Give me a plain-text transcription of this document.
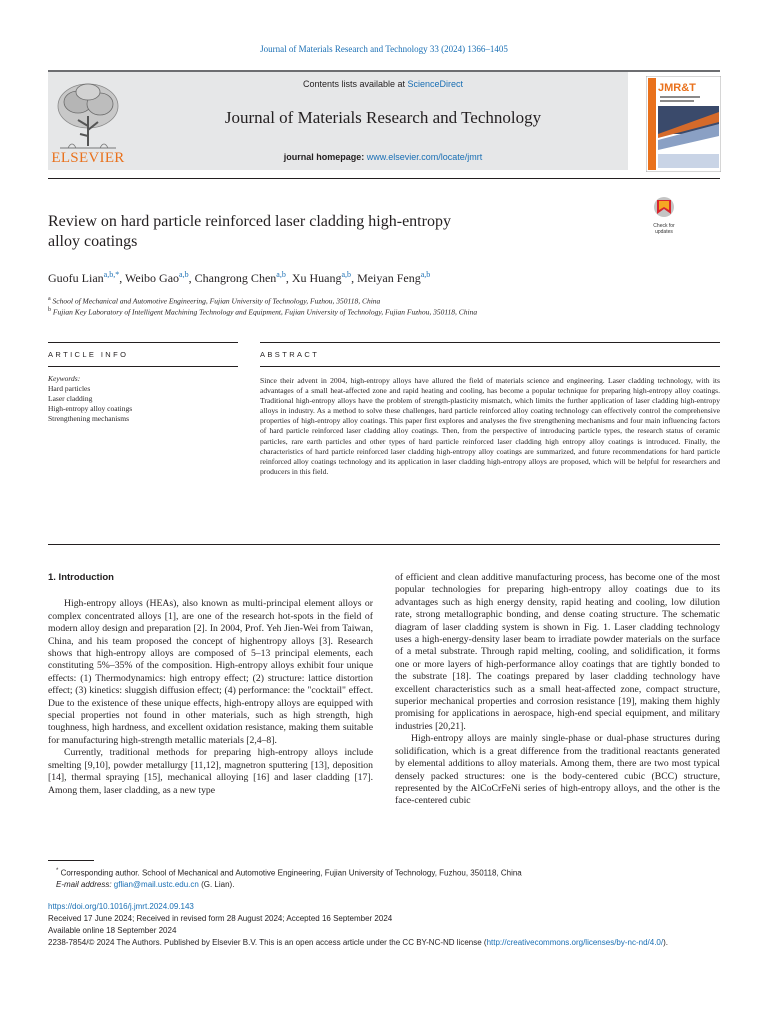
Journal of Materials Research and Technology 33 (2024) 1366–1405
ELSEVIER
Contents lists available at ScienceDirect
Journal of Materials Research and Technology
journal homepage: www.elsevier.com/locate/jmrt
JMR&T
Review on hard particle reinforced laser cladding high-entropy
alloy coatings
Check for
updates
Guofu Lian$^{a,b,*}$, Weibo Gao$^{a,b}$, Changrong Chen$^{a,b}$, Xu Huang$^{a,b}$, Meiyan Feng$^{a,b}$
$^a$ School of Mechanical and Automotive Engineering, Fujian University of Technology, Fuzhou, 350118, China
$^b$ Fujian Key Laboratory of Intelligent Machining Technology and Equipment, Fujian University of Technology, Fujian Fuzhou, 350118, China
ARTICLE INFO	ABSTRACT
Keywords:
Hard particles
Laser cladding
High-entropy alloy coatings
Strengthening mechanisms
Since their advent in 2004, high-entropy alloys have allured the field of materials science and engineering. Laser cladding technology, with its advantages of a small heat-affected zone and rapid heating and cooling, has become a popular technique for preparing high-entropy alloy coatings. Traditional high-entropy alloys have the problem of strength-plasticity mismatch, which limits the further application of laser cladding high-entropy alloys in industry. As a method to solve these challenges, hard particle reinforced alloy coating technology can effectively control the comprehensive properties of high-entropy alloy coatings. This paper first explores and analyses the five strengthening mechanisms and four main influencing factors of hard particle reinforced laser cladding alloy coatings. Then, from the perspective of introducing particle types, the research status of ceramic particles, rare earth particles and other types of hard particle reinforced laser cladding high entropy alloy coatings is introduced. Finally, the characteristics of hard particle reinforced laser cladding high-entropy alloy coatings are summarized, and future recommendations for hard particle reinforced alloy coatings technology and its application in laser cladding high-entropy alloys are proposed, which will be helpful for researchers and producers in this field.

1. Introduction

High-entropy alloys (HEAs), also known as multi-principal element alloys or complex concentrated alloys [1], are one of the research hot-spots in the field of modern alloy design and preparation [2]. In 2004, Prof. Yeh Jien-Wei from Taiwan, China, and his team proposed the concept of highentropy alloys [3]. Research shows that high-entropy alloys are composed of 5–13 principal elements, each constituting 5%–35% of the composition. High-entropy alloys exhibit four unique effects: (1) Thermodynamics: high entropy effect; (2) structure: lattice distortion effect; (3) kinetics: sluggish diffusion effect; (4) performance: the "cocktail" effect. Due to the existence of these unique effects, high-entropy alloys are equipped with special properties not found in other materials, such as high strength, high toughness, high hardness, and excellent oxidation resistance, making them suitable for manufacturing high-strength metallic materials [2,4–8].

Currently, traditional methods for preparing high-entropy alloys include smelting [9,10], powder metallurgy [11,12], magnetron sputtering [13], deposition [14], thermal spraying [15], mechanical alloying [16] and laser cladding [17]. Among them, laser cladding, as a new type

of efficient and clean additive manufacturing process, has become one of the most popular technologies for preparing high-entropy alloy coatings due to its advantages such as high energy density, rapid heating and cooling, low dilution rate, strong metallographic bonding, and dense coating structure. The schematic diagram of laser cladding system is shown in Fig. 1. Laser cladding technology uses a high-energy-density laser beam to irradiate powder materials on the surface of a metal substrate. Through rapid melting, cooling, and solidification, it forms one or more layers of high-performance alloy coatings that are tightly bonded to the substrate [18]. The coatings prepared by laser cladding technology have excellent characteristics such as a small heat-affected zone, compact structure, superior mechanical properties and corrosion resistance [19], making them highly promising for applications in aerospace, high-end special equipment, and military industries [20,21].

High-entropy alloys are mainly single-phase or dual-phase structures during solidification, which is a great difference from the traditional reactants generated by elemental additions to alloy materials. Among them, there are two most typical densely packed structures: one is the body-centered cubic (BCC) structure, represented by the AlCoCrFeNi series of high-entropy alloys, and the other is the face-centered cubic

* Corresponding author. School of Mechanical and Automotive Engineering, Fujian University of Technology, Fuzhou, 350118, China
E-mail address: gflian@mail.ustc.edu.cn (G. Lian).
https://doi.org/10.1016/j.jmrt.2024.09.143
Received 17 June 2024; Received in revised form 28 August 2024; Accepted 16 September 2024
Available online 18 September 2024
2238-7854/© 2024 The Authors. Published by Elsevier B.V. This is an open access article under the CC BY-NC-ND license (http://creativecommons.org/licenses/by-nc-nd/4.0/).
